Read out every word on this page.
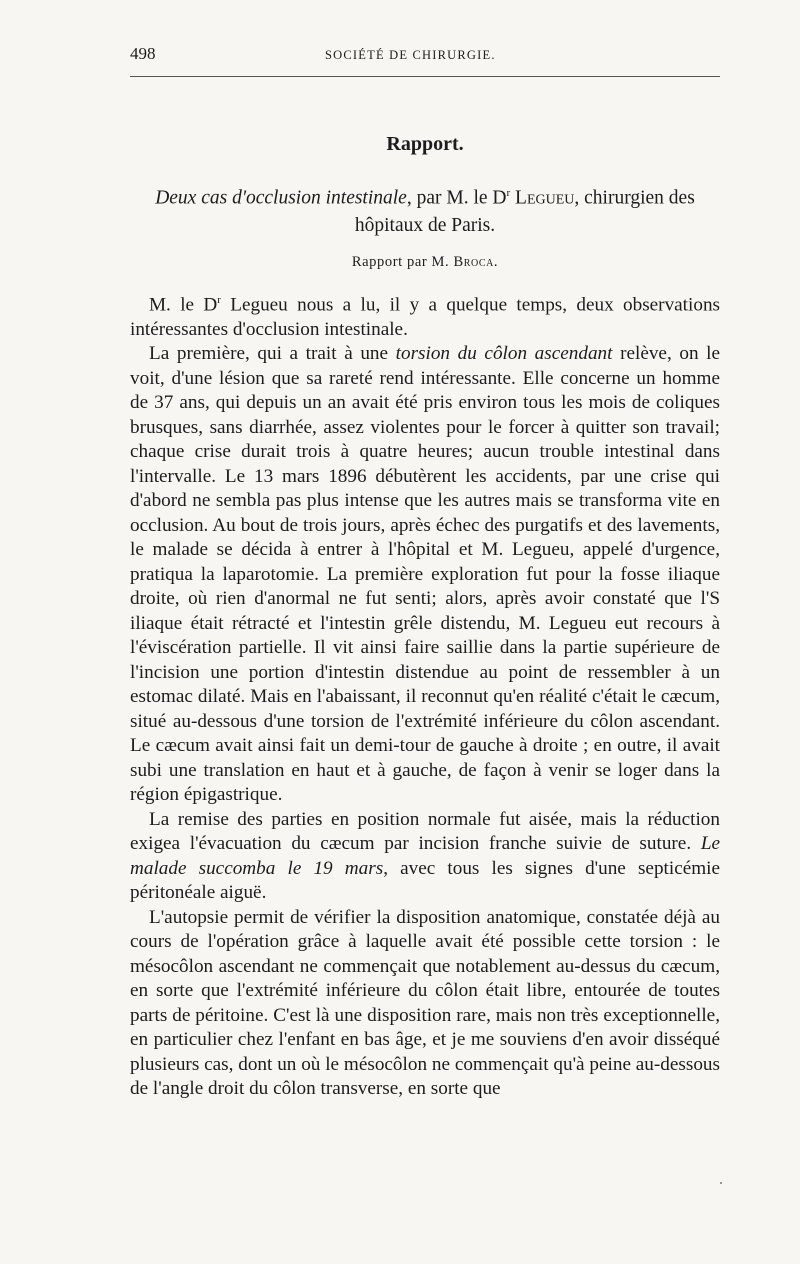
498	SOCIÉTÉ DE CHIRURGIE.
Rapport.
Deux cas d'occlusion intestinale, par M. le $D^r$ Legueu, chirurgien des hôpitaux de Paris.
Rapport par M. Broca.

M. le $D^r$ Legueu nous a lu, il y a quelque temps, deux observations intéressantes d'occlusion intestinale.

La première, qui a trait à une torsion du côlon ascendant relève, on le voit, d'une lésion que sa rareté rend intéressante. Elle concerne un homme de 37 ans, qui depuis un an avait été pris environ tous les mois de coliques brusques, sans diarrhée, assez violentes pour le forcer à quitter son travail; chaque crise durait trois à quatre heures; aucun trouble intestinal dans l'intervalle. Le 13 mars 1896 débutèrent les accidents, par une crise qui d'abord ne sembla pas plus intense que les autres mais se transforma vite en occlusion. Au bout de trois jours, après échec des purgatifs et des lavements, le malade se décida à entrer à l'hôpital et M. Legueu, appelé d'urgence, pratiqua la laparotomie. La première exploration fut pour la fosse iliaque droite, où rien d'anormal ne fut senti; alors, après avoir constaté que l'S iliaque était rétracté et l'intestin grêle distendu, M. Legueu eut recours à l'éviscération partielle. Il vit ainsi faire saillie dans la partie supérieure de l'incision une portion d'intestin distendue au point de ressembler à un estomac dilaté. Mais en l'abaissant, il reconnut qu'en réalité c'était le cæcum, situé au-dessous d'une torsion de l'extrémité inférieure du côlon ascendant. Le cæcum avait ainsi fait un demi-tour de gauche à droite ; en outre, il avait subi une translation en haut et à gauche, de façon à venir se loger dans la région épigastrique.

La remise des parties en position normale fut aisée, mais la réduction exigea l'évacuation du cæcum par incision franche suivie de suture. Le malade succomba le 19 mars, avec tous les signes d'une septicémie péritonéale aiguë.

L'autopsie permit de vérifier la disposition anatomique, constatée déjà au cours de l'opération grâce à laquelle avait été possible cette torsion : le mésocôlon ascendant ne commençait que notablement au-dessus du cæcum, en sorte que l'extrémité inférieure du côlon était libre, entourée de toutes parts de péritoine. C'est là une disposition rare, mais non très exceptionnelle, en particulier chez l'enfant en bas âge, et je me souviens d'en avoir disséqué plusieurs cas, dont un où le mésocôlon ne commençait qu'à peine au-dessous de l'angle droit du côlon transverse, en sorte que
